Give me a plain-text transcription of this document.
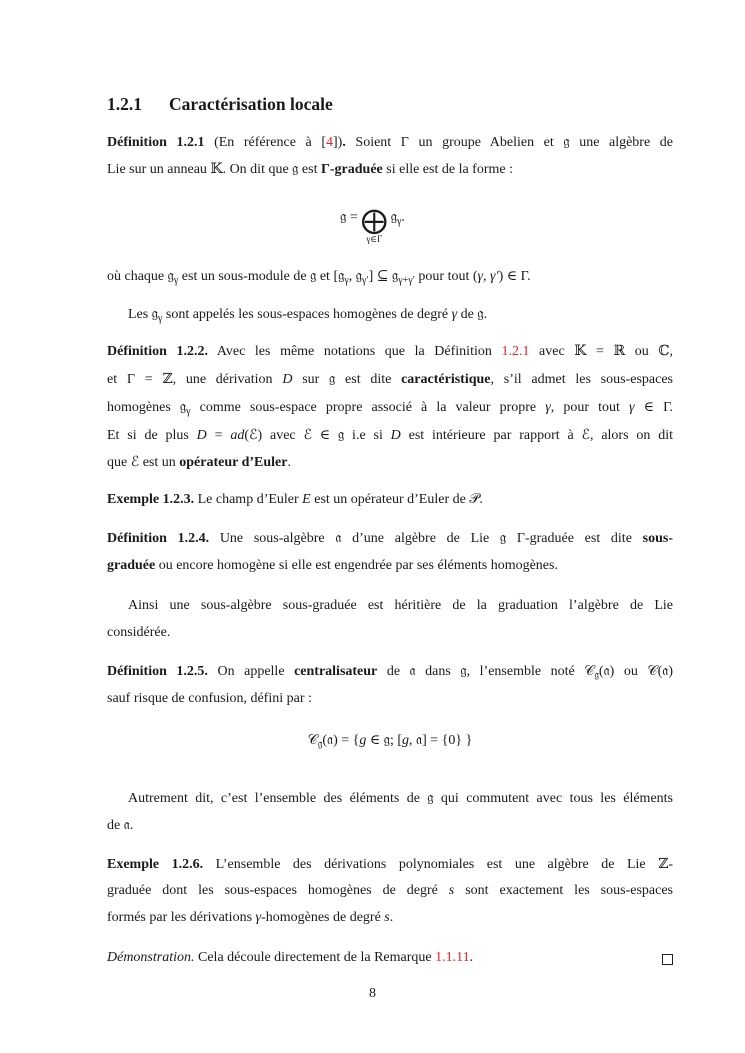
1.2.1 Caractérisation locale
𝔤 = ⨁
γ∈Γ
𝔤$_\gamma$.
Définition 1.2.1 (En référence à [4]). Soient Γ un groupe Abelien et 𝔤 une algèbre de
Lie sur un anneau 𝕂. On dit que 𝔤 est Γ-graduée si elle est de la forme :
où chaque 𝔤$_\gamma$ est un sous-module de 𝔤 et [𝔤$_\gamma$, 𝔤$_{\gamma'}$] ⊆ 𝔤$_{\gamma+\gamma'}$ pour tout (γ, γ′) ∈ Γ.
Les 𝔤$_\gamma$ sont appelés les sous-espaces homogènes de degré γ de 𝔤.
Définition 1.2.2. Avec les même notations que la Définition 1.2.1 avec 𝕂 = ℝ ou ℂ,
et Γ = ℤ, une dérivation D sur 𝔤 est dite caractéristique, s’il admet les sous-espaces
homogènes 𝔤$_\gamma$ comme sous-espace propre associé à la valeur propre γ, pour tout γ ∈ Γ.
Et si de plus D = ad(ℰ) avec ℰ ∈ 𝔤 i.e si D est intérieure par rapport à ℰ, alors on dit
que ℰ est un opérateur d’Euler.
Exemple 1.2.3. Le champ d’Euler E est un opérateur d’Euler de 𝒫.
Définition 1.2.4. Une sous-algèbre 𝔞 d’une algèbre de Lie 𝔤 Γ-graduée est dite sous-
graduée ou encore homogène si elle est engendrée par ses éléments homogènes.
Ainsi une sous-algèbre sous-graduée est héritière de la graduation l’algèbre de Lie
considérée.
Définition 1.2.5. On appelle centralisateur de 𝔞 dans 𝔤, l’ensemble noté 𝒞$_𝔤$(𝔞) ou 𝒞(𝔞)
sauf risque de confusion, défini par :
𝒞$_𝔤$(𝔞) = {g ∈ 𝔤; [g, 𝔞] = {0} }
Autrement dit, c’est l’ensemble des éléments de 𝔤 qui commutent avec tous les éléments
de 𝔞.
Exemple 1.2.6. L’ensemble des dérivations polynomiales est une algèbre de Lie ℤ-
graduée dont les sous-espaces homogènes de degré s sont exactement les sous-espaces
formés par les dérivations γ-homogènes de degré s.
Démonstration. Cela découle directement de la Remarque 1.1.11.
8
